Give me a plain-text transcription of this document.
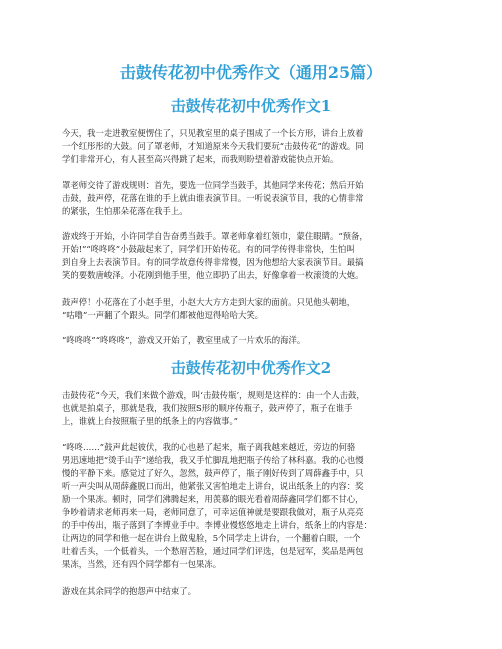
击鼓传花初中优秀作文（通用25篇）
击鼓传花初中优秀作文1

今天，我一走进教室便愣住了，只见教室里的桌子围成了一个长方形，讲台上放着
一个红彤彤的大鼓。问了罩老师，才知道原来今天我们要玩“击鼓传花”的游戏。同
学们非常开心，有人甚至高兴得跳了起来，而我则盼望着游戏能快点开始。

罩老师交待了游戏规则：首先，要选一位同学当鼓手，其他同学来传花；然后开始
击鼓，鼓声停，花落在谁的手上就由谁表演节目。一听说表演节目，我的心情非常
的紧张，生怕那朵花落在我手上。

游戏终于开始，小许同学自告奋勇当鼓手。罩老师拿着红领巾，蒙住眼睛。“预备，
开始!”“咚咚咚”小鼓敲起来了，同学们开始传花。有的同学传得非常快，生怕叫
到自身上去表演节目。有的同学故意传得非常慢，因为他想给大家表演节目。最搞
笑的要数唐峻泽。小花刚到他手里，他立即扔了出去，好像拿着一枚滚烫的大炮。

鼓声停！小花落在了小赵手里，小赵大大方方走到大家的面前。只见他头朝地，
“咕噜”一声翻了个跟头。同学们都被他逗得哈哈大笑。

“咚咚咚”“咚咚咚”，游戏又开始了，教室里成了一片欢乐的海洋。

击鼓传花初中优秀作文2

击鼓传花“今天，我们来做个游戏，叫‘击鼓传瓶’，规则是这样的：由一个人击鼓，
也就是拍桌子，那就是我，我们按照S形的顺序传瓶子，鼓声停了，瓶子在谁手
上，谁就上台按照瓶子里的纸条上的内容做事。”

“咚咚……”鼓声此起彼伏，我的心也悬了起来，瓶子离我越来越近，旁边的何骆
男迅速地把“烫手山芋”递给我，我又手忙脚乱地把瓶子传给了林科嘉。我的心也慢
慢的平静下来。感觉过了好久，忽然，鼓声停了，瓶子刚好传到了周薛鑫手中，只
听一声尖叫从周薛鑫脱口而出，他紧张又害怕地走上讲台，说出纸条上的内容：奖
励一个果冻。顿时，同学们沸腾起来，用羡慕的眼光看着周薛鑫同学们都不甘心，
争吵着请求老师再来一局，老师同意了，可幸运值神就是要跟我做对，瓶子从亮亮
的手中传出，瓶子落到了李博业手中。李博业慢悠悠地走上讲台，纸条上的内容是：
让两边的同学和他一起在讲台上做鬼脸，5个同学走上讲台，一个翻着白眼，一个
吐着舌头，一个低着头，一个愁眉苦脸，通过同学们评选，包是冠军，奖品是两包
果冻，当然，还有四个同学都有一包果冻。

游戏在其余同学的抱怨声中结束了。
